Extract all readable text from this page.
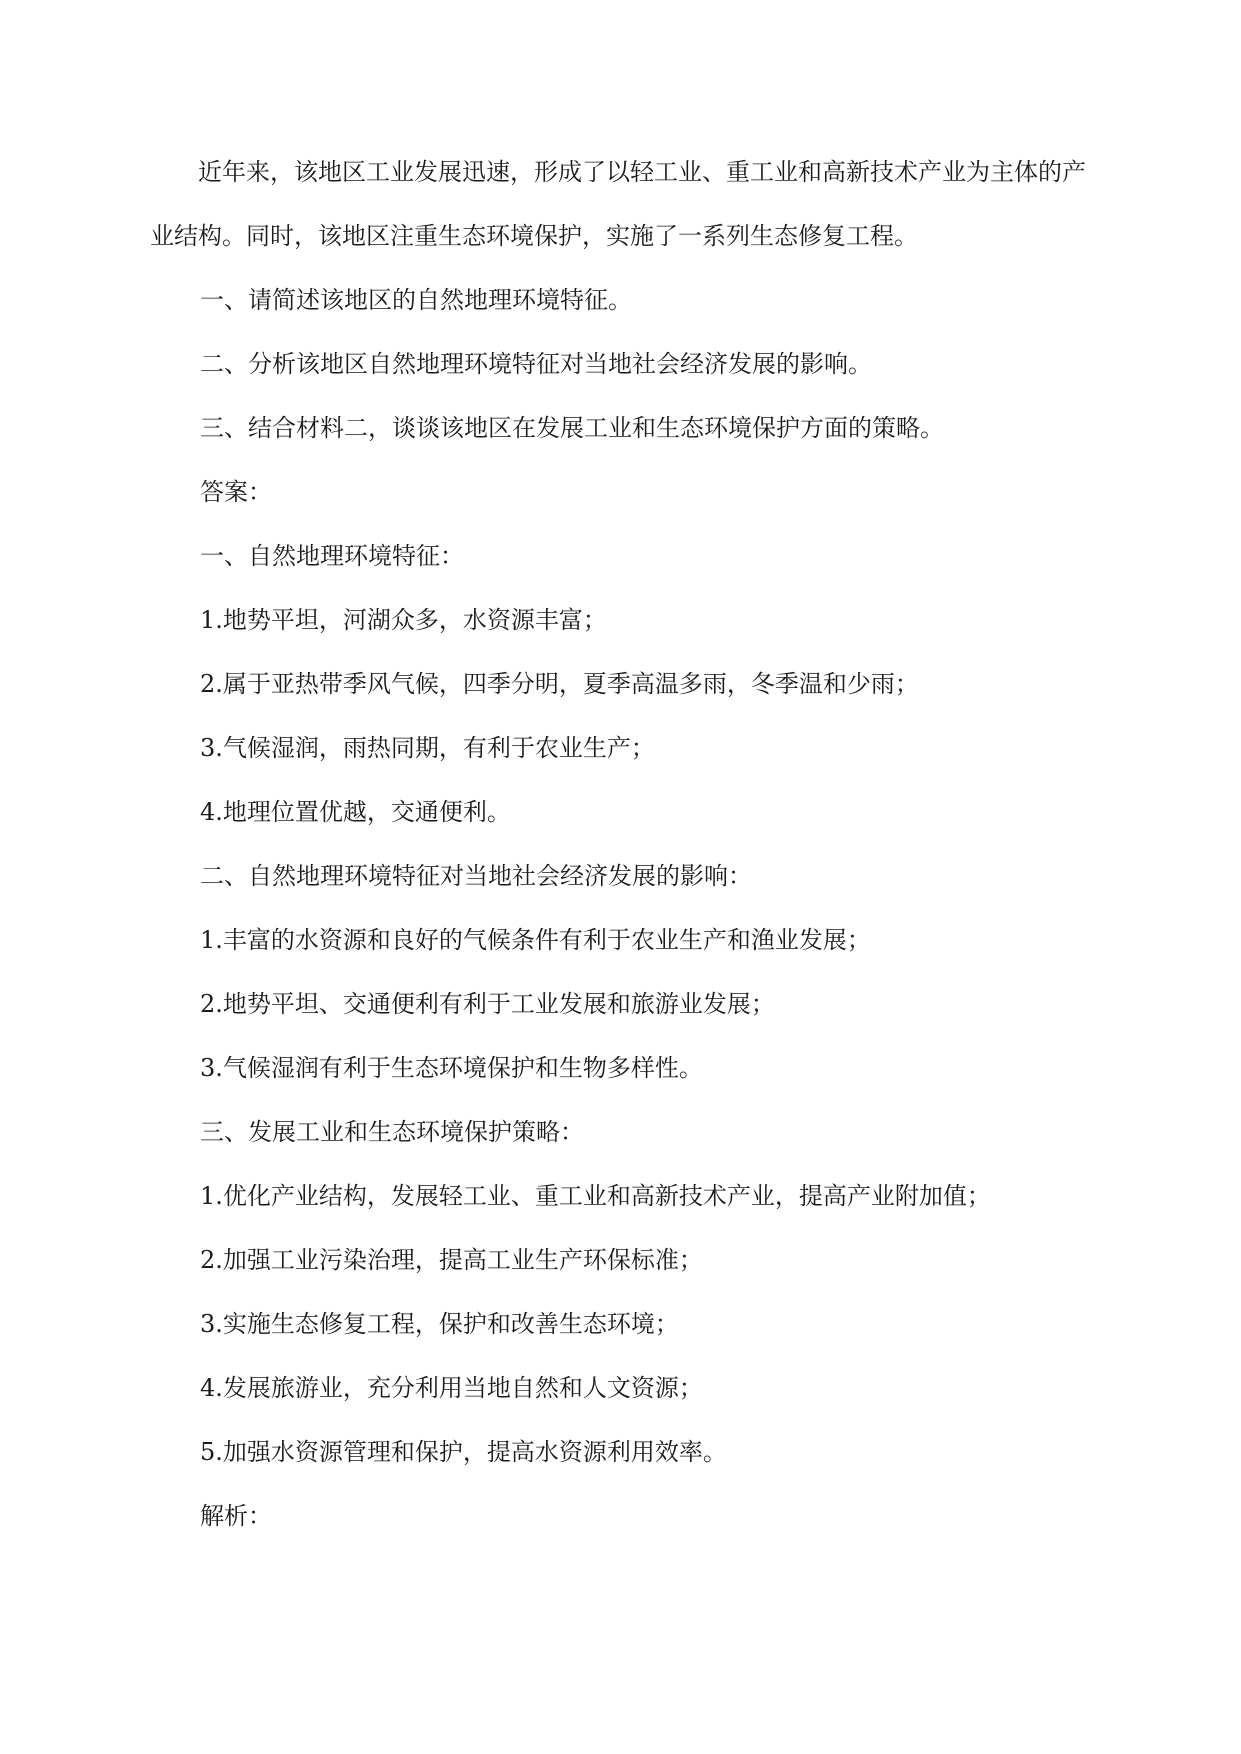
近年来，该地区工业发展迅速，形成了以轻工业、重工业和高新技术产业为主体的产业结构。同时，该地区注重生态环境保护，实施了一系列生态修复工程。

一、请简述该地区的自然地理环境特征。

二、分析该地区自然地理环境特征对当地社会经济发展的影响。

三、结合材料二，谈谈该地区在发展工业和生态环境保护方面的策略。

答案：

一、自然地理环境特征：

1.地势平坦，河湖众多，水资源丰富；

2.属于亚热带季风气候，四季分明，夏季高温多雨，冬季温和少雨；

3.气候湿润，雨热同期，有利于农业生产；

4.地理位置优越，交通便利。

二、自然地理环境特征对当地社会经济发展的影响：

1.丰富的水资源和良好的气候条件有利于农业生产和渔业发展；

2.地势平坦、交通便利有利于工业发展和旅游业发展；

3.气候湿润有利于生态环境保护和生物多样性。

三、发展工业和生态环境保护策略：

1.优化产业结构，发展轻工业、重工业和高新技术产业，提高产业附加值；

2.加强工业污染治理，提高工业生产环保标准；

3.实施生态修复工程，保护和改善生态环境；

4.发展旅游业，充分利用当地自然和人文资源；

5.加强水资源管理和保护，提高水资源利用效率。

解析：
